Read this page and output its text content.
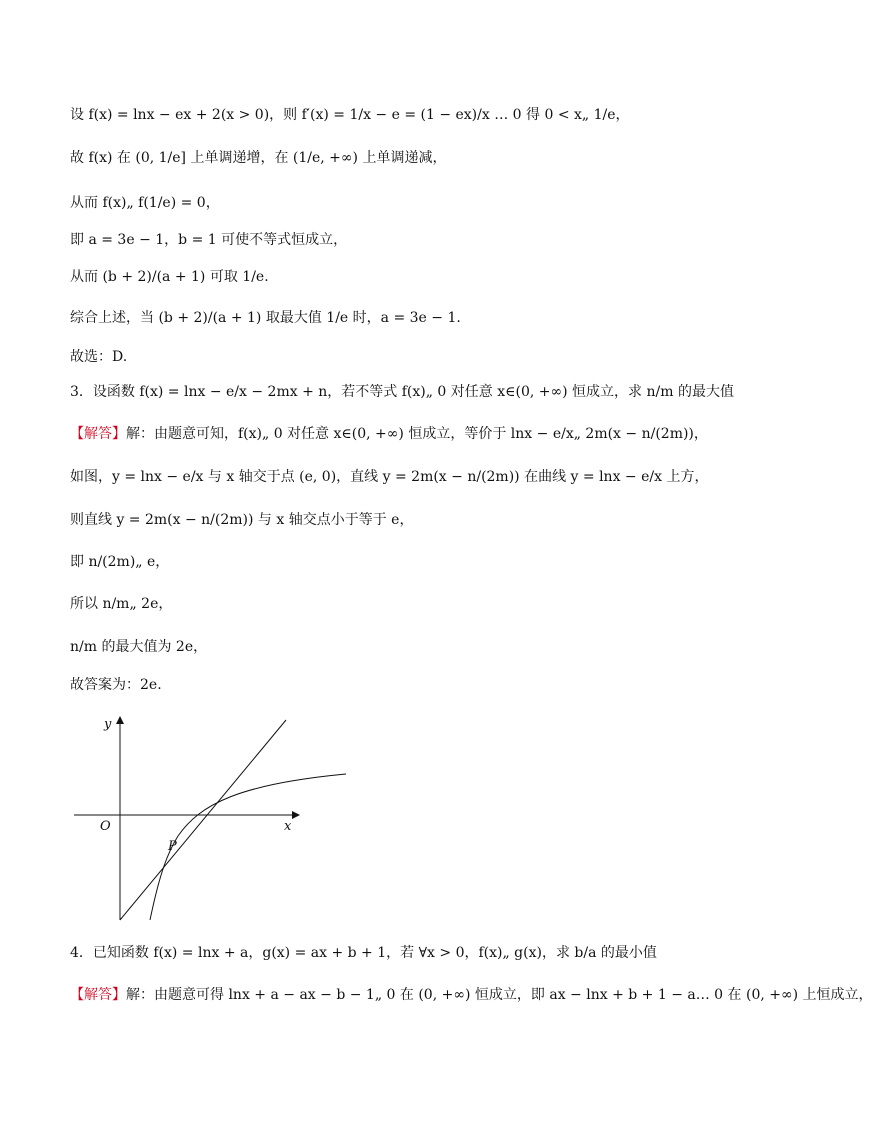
设 f(x) = lnx − ex + 2(x > 0)，则 f′(x) = 1/x − e = (1 − ex)/x … 0 得 0 < x„ 1/e，
故 f(x) 在 (0, 1/e] 上单调递增，在 (1/e, +∞) 上单调递减，
从而 f(x)„ f(1/e) = 0，
即 a = 3e − 1，b = 1 可使不等式恒成立，
从而 (b + 2)/(a + 1) 可取 1/e.
综合上述，当 (b + 2)/(a + 1) 取最大值 1/e 时，a = 3e − 1.
故选：D.
3．设函数 f(x) = lnx − e/x − 2mx + n，若不等式 f(x)„ 0 对任意 x∈(0, +∞) 恒成立，求 n/m 的最大值
【解答】解：由题意可知，f(x)„ 0 对任意 x∈(0, +∞) 恒成立，等价于 lnx − e/x„ 2m(x − n/(2m))，
如图，y = lnx − e/x 与 x 轴交于点 (e, 0)，直线 y = 2m(x − n/(2m)) 在曲线 y = lnx − e/x 上方，
则直线 y = 2m(x − n/(2m)) 与 x 轴交点小于等于 e，
即 n/(2m)„ e，
所以 n/m„ 2e，
n/m 的最大值为 2e，
故答案为：2e.
y
x
O
P
4．已知函数 f(x) = lnx + a，g(x) = ax + b + 1，若 ∀x > 0，f(x)„ g(x)，求 b/a 的最小值
【解答】解：由题意可得 lnx + a − ax − b − 1„ 0 在 (0, +∞) 恒成立，即 ax − lnx + b + 1 − a… 0 在 (0, +∞) 上恒成立，
